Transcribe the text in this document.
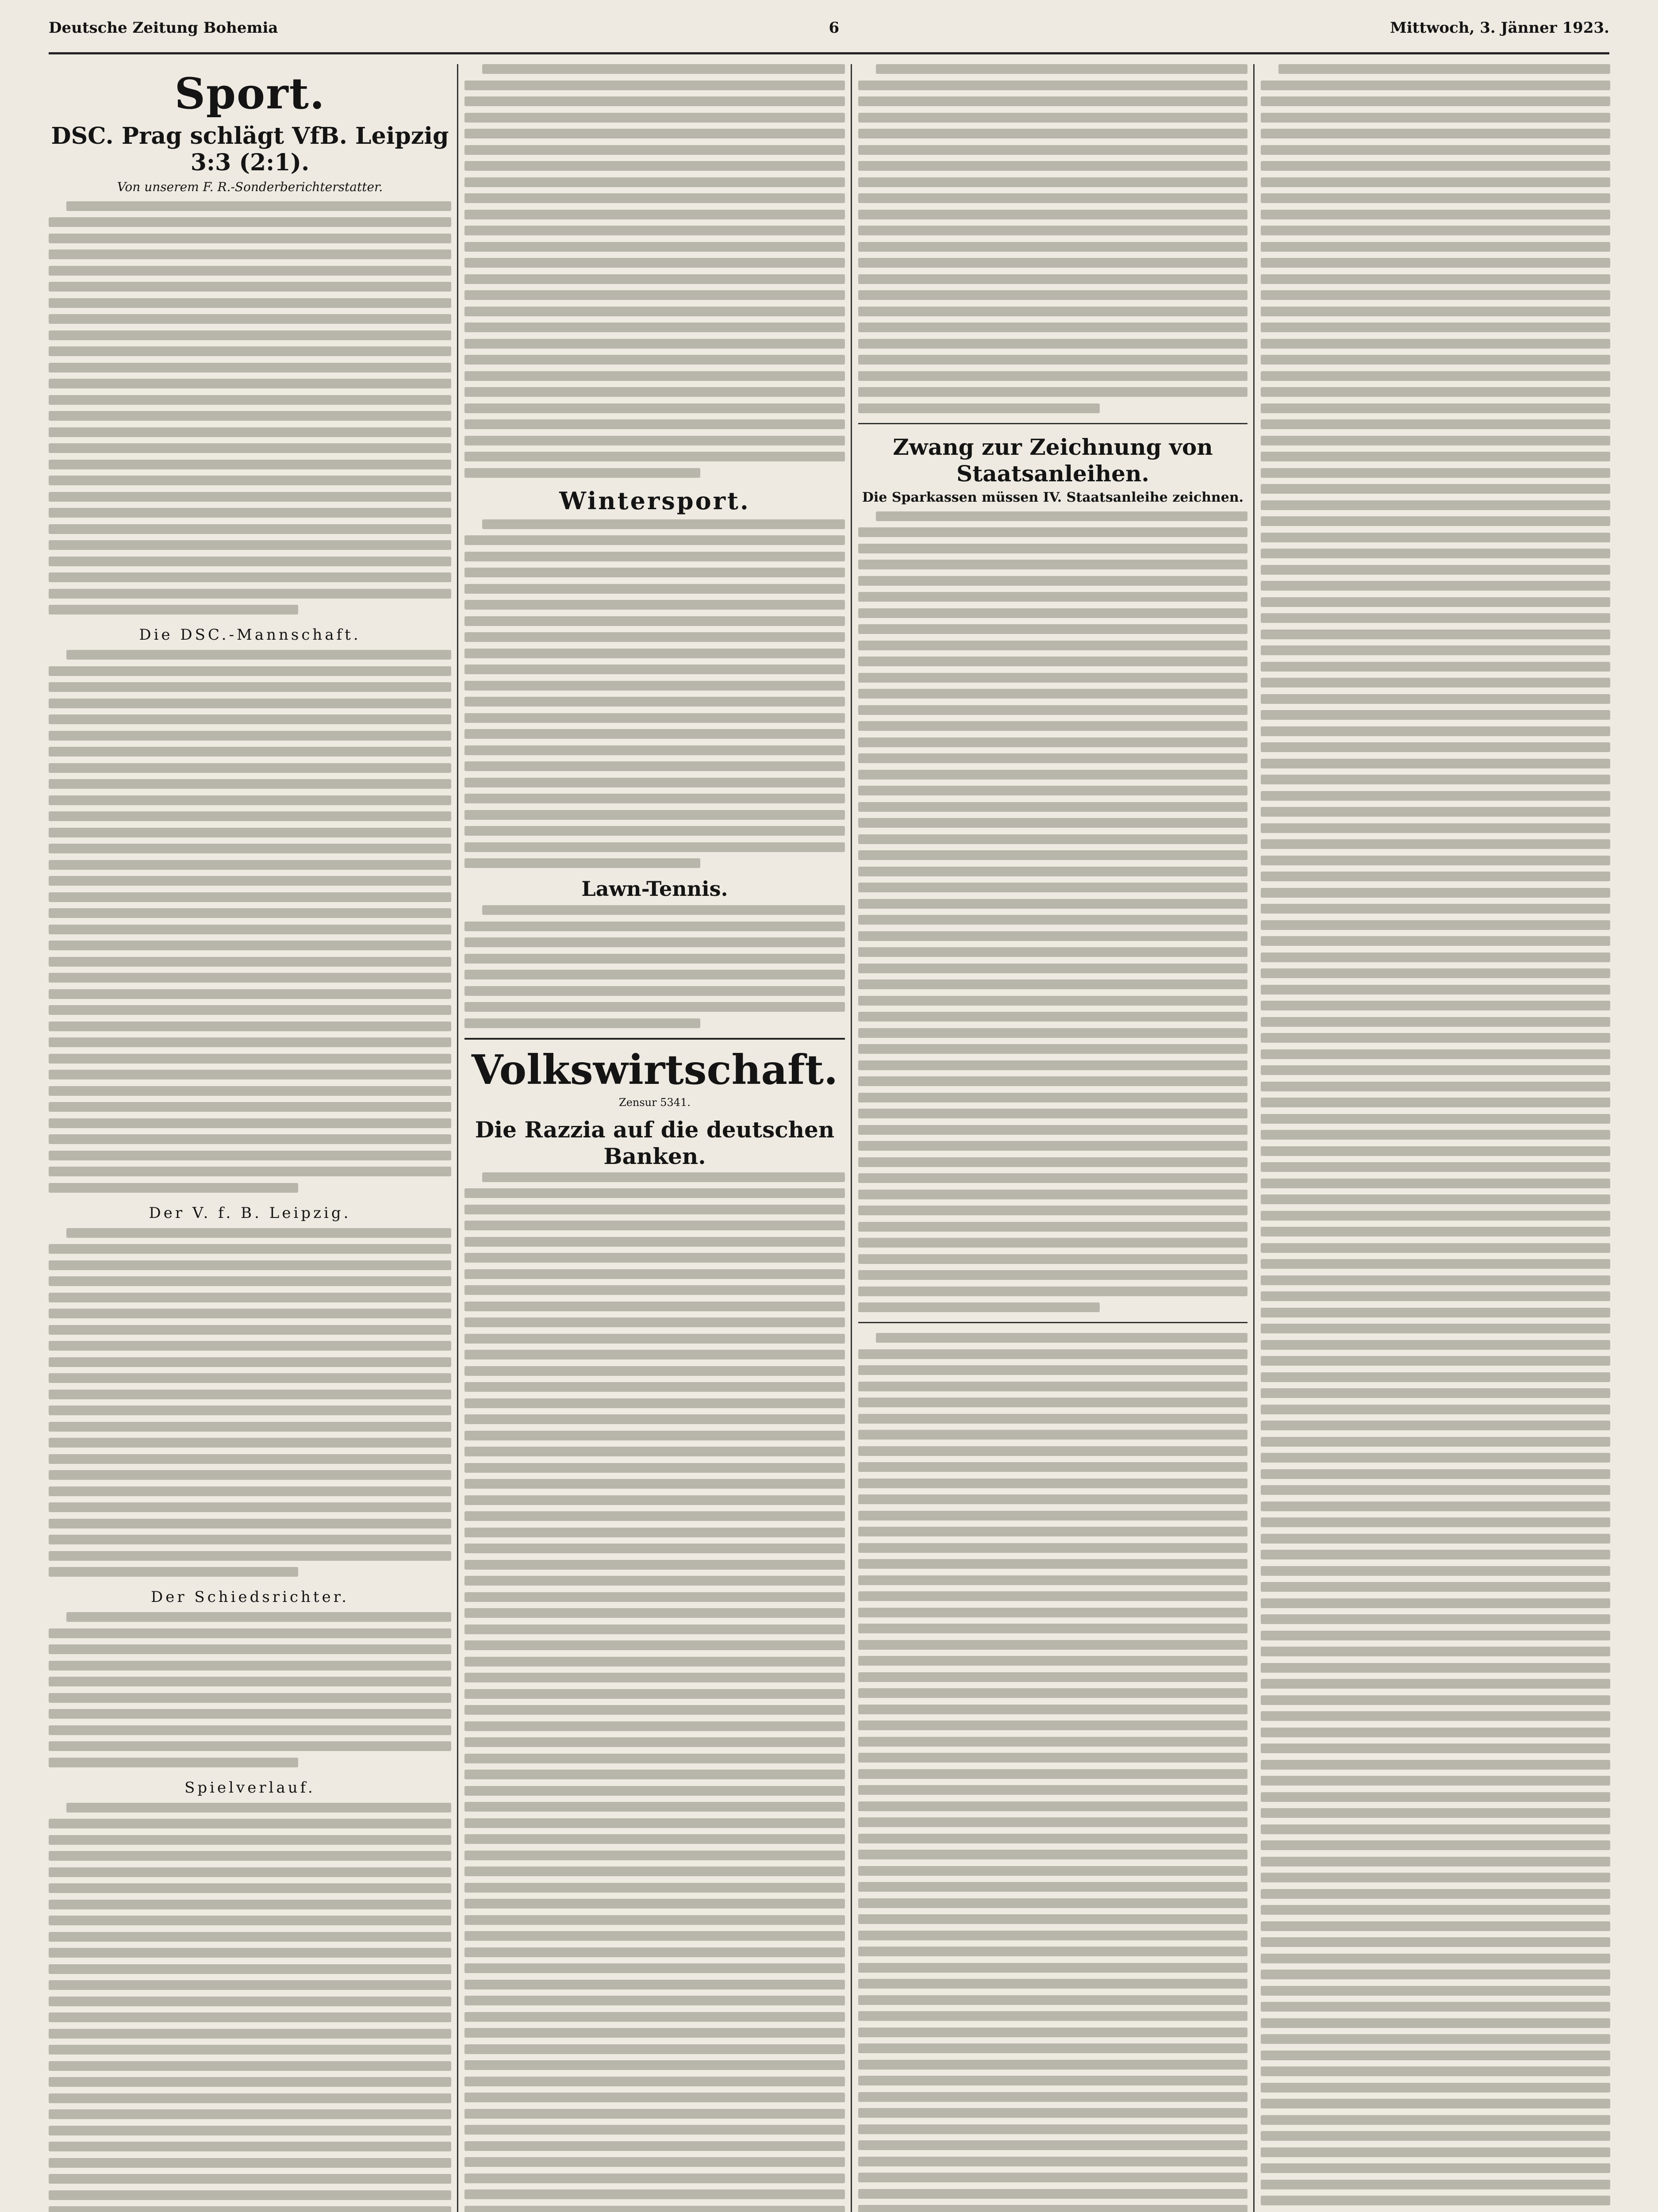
Deutsche Zeitung Bohemia	6	Mittwoch, 3. Jänner 1923.
Sport.
DSC. Prag schlägt VfB. Leipzig 3:3 (2:1).
Von unserem F. R.-Sonderberichterstatter.
Die DSC.-Mannschaft.
Der V. f. B. Leipzig.
Der Schiedsrichter.
Spielverlauf.
Wintersport.
Lawn-Tennis.
Volkswirtschaft.
Zensur 5341.
Die Razzia auf die deutschen Banken.
Zwang zur Zeichnung von Staatsanleihen.
Die Sparkassen müssen IV. Staatsanleihe zeichnen.
